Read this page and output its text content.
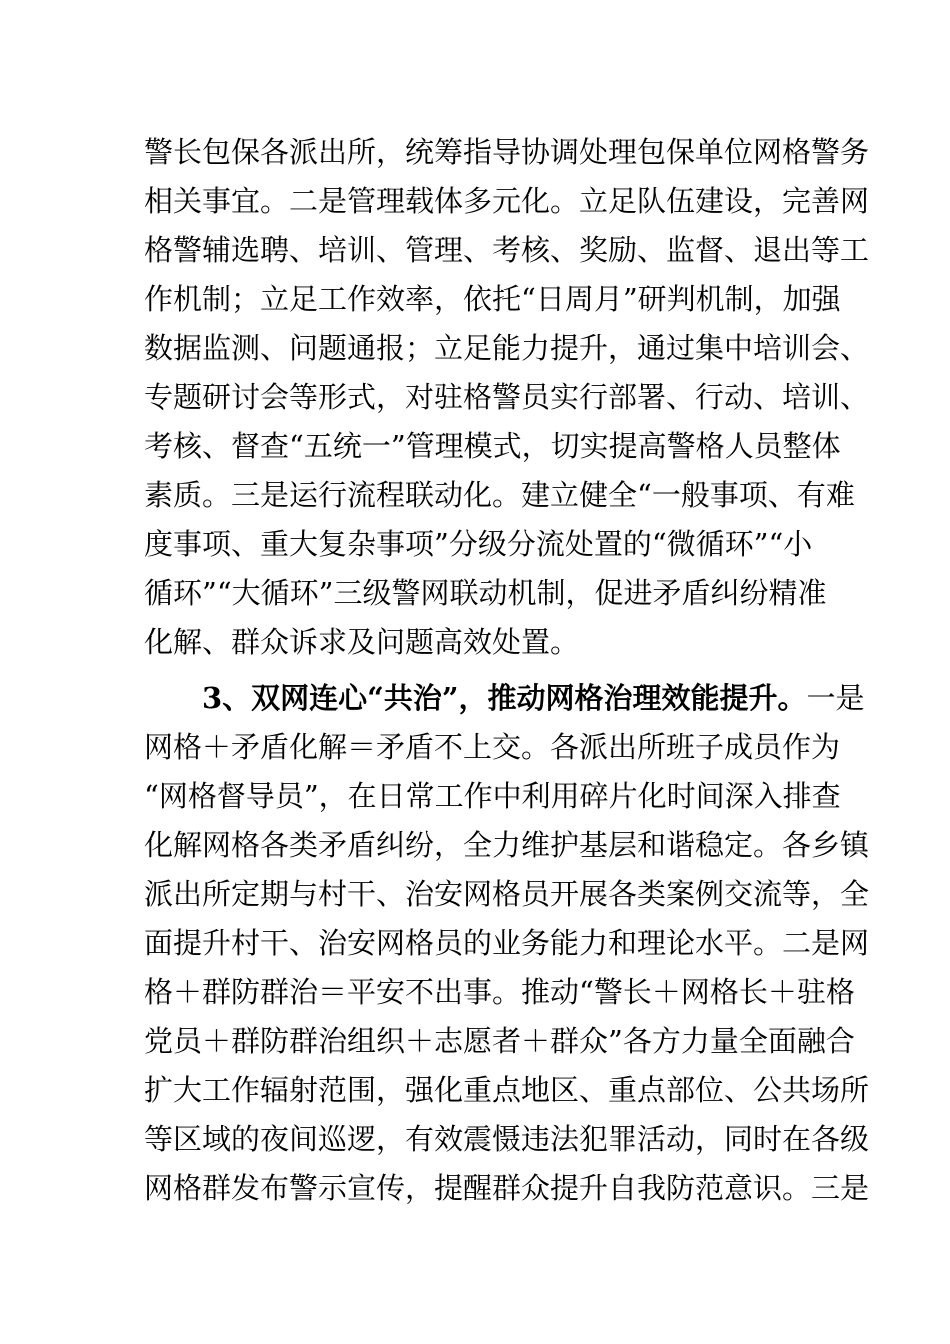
警长包保各派出所，统筹指导协调处理包保单位网格警务
相关事宜。二是管理载体多元化。立足队伍建设，完善网
格警辅选聘、培训、管理、考核、奖励、监督、退出等工
作机制；立足工作效率，依托“日周月”研判机制，加强
数据监测、问题通报；立足能力提升，通过集中培训会、
专题研讨会等形式，对驻格警员实行部署、行动、培训、
考核、督查“五统一”管理模式，切实提高警格人员整体
素质。三是运行流程联动化。建立健全“一般事项、有难
度事项、重大复杂事项”分级分流处置的“微循环”“小
循环”“大循环”三级警网联动机制，促进矛盾纠纷精准
化解、群众诉求及问题高效处置。
3、双网连心“共治”，推动网格治理效能提升。一是
网格＋矛盾化解＝矛盾不上交。各派出所班子成员作为
“网格督导员”，在日常工作中利用碎片化时间深入排查
化解网格各类矛盾纠纷，全力维护基层和谐稳定。各乡镇
派出所定期与村干、治安网格员开展各类案例交流等，全
面提升村干、治安网格员的业务能力和理论水平。二是网
格＋群防群治＝平安不出事。推动“警长＋网格长＋驻格
党员＋群防群治组织＋志愿者＋群众”各方力量全面融合
扩大工作辐射范围，强化重点地区、重点部位、公共场所
等区域的夜间巡逻，有效震慑违法犯罪活动，同时在各级
网格群发布警示宣传，提醒群众提升自我防范意识。三是
